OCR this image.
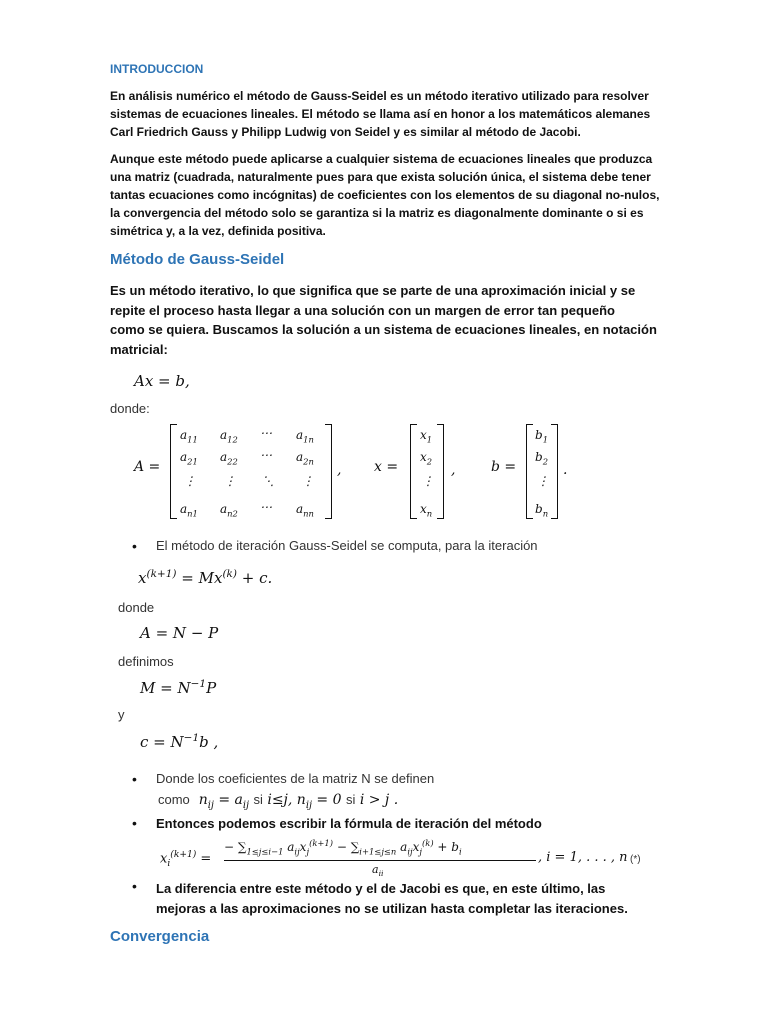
INTRODUCCION
En análisis numérico el método de Gauss-Seidel es un método iterativo utilizado para resolver
sistemas de ecuaciones lineales. El método se llama así en honor a los matemáticos alemanes
Carl Friedrich Gauss y Philipp Ludwig von Seidel y es similar al método de Jacobi.
Aunque este método puede aplicarse a cualquier sistema de ecuaciones lineales que produzca
una matriz (cuadrada, naturalmente pues para que exista solución única, el sistema debe tener
tantas ecuaciones como incógnitas) de coeficientes con los elementos de su diagonal no-nulos,
la convergencia del método solo se garantiza si la matriz es diagonalmente dominante o si es
simétrica y, a la vez, definida positiva.
Método de Gauss-Seidel
Es un método iterativo, lo que significa que se parte de una aproximación inicial y se
repite el proceso hasta llegar a una solución con un margen de error tan pequeño
como se quiera. Buscamos la solución a un sistema de ecuaciones lineales, en notación
matricial:
Ax = b,
donde:
A =
$a_{11}$ $a_{12}$ ⋯ $a_{1n}$
$a_{21}$ $a_{22}$ ⋯ $a_{2n}$
⋮ ⋮ ⋱ ⋮
$a_{n1}$ $a_{n2}$ ⋯ $a_{nn}$
, x =
$x_1$
$x_2$
⋮
$x_n$
,	b =
$b_1$
$b_2$
⋮
$b_n$
.
• El método de iteración Gauss-Seidel se computa, para la iteración
$x^{(k+1)} = Mx^{(k)} + c$.
donde
A = N − P
definimos
$M = N^{-1}P$
y
$c = N^{-1}b$ ,
• Donde los coeficientes de la matriz N se definen
como  $n_{ij} = a_{ij}$ si i≤j, $n_{ij} = 0$ si i > j .
• Entonces podemos escribir la fórmula de iteración del método
$x_i^{(k+1)}$ =
− $\sum_{1\le j\le i-1}$ $a_{ij}x_j^{(k+1)} - \sum_{i+1\le j\le n}$ $a_{ij}x_j^{(k)} + b_i$
$a_{ii}$
, i = 1, . . . , n (*)
• La diferencia entre este método y el de Jacobi es que, en este último, las
mejoras a las aproximaciones no se utilizan hasta completar las iteraciones.
Convergencia
